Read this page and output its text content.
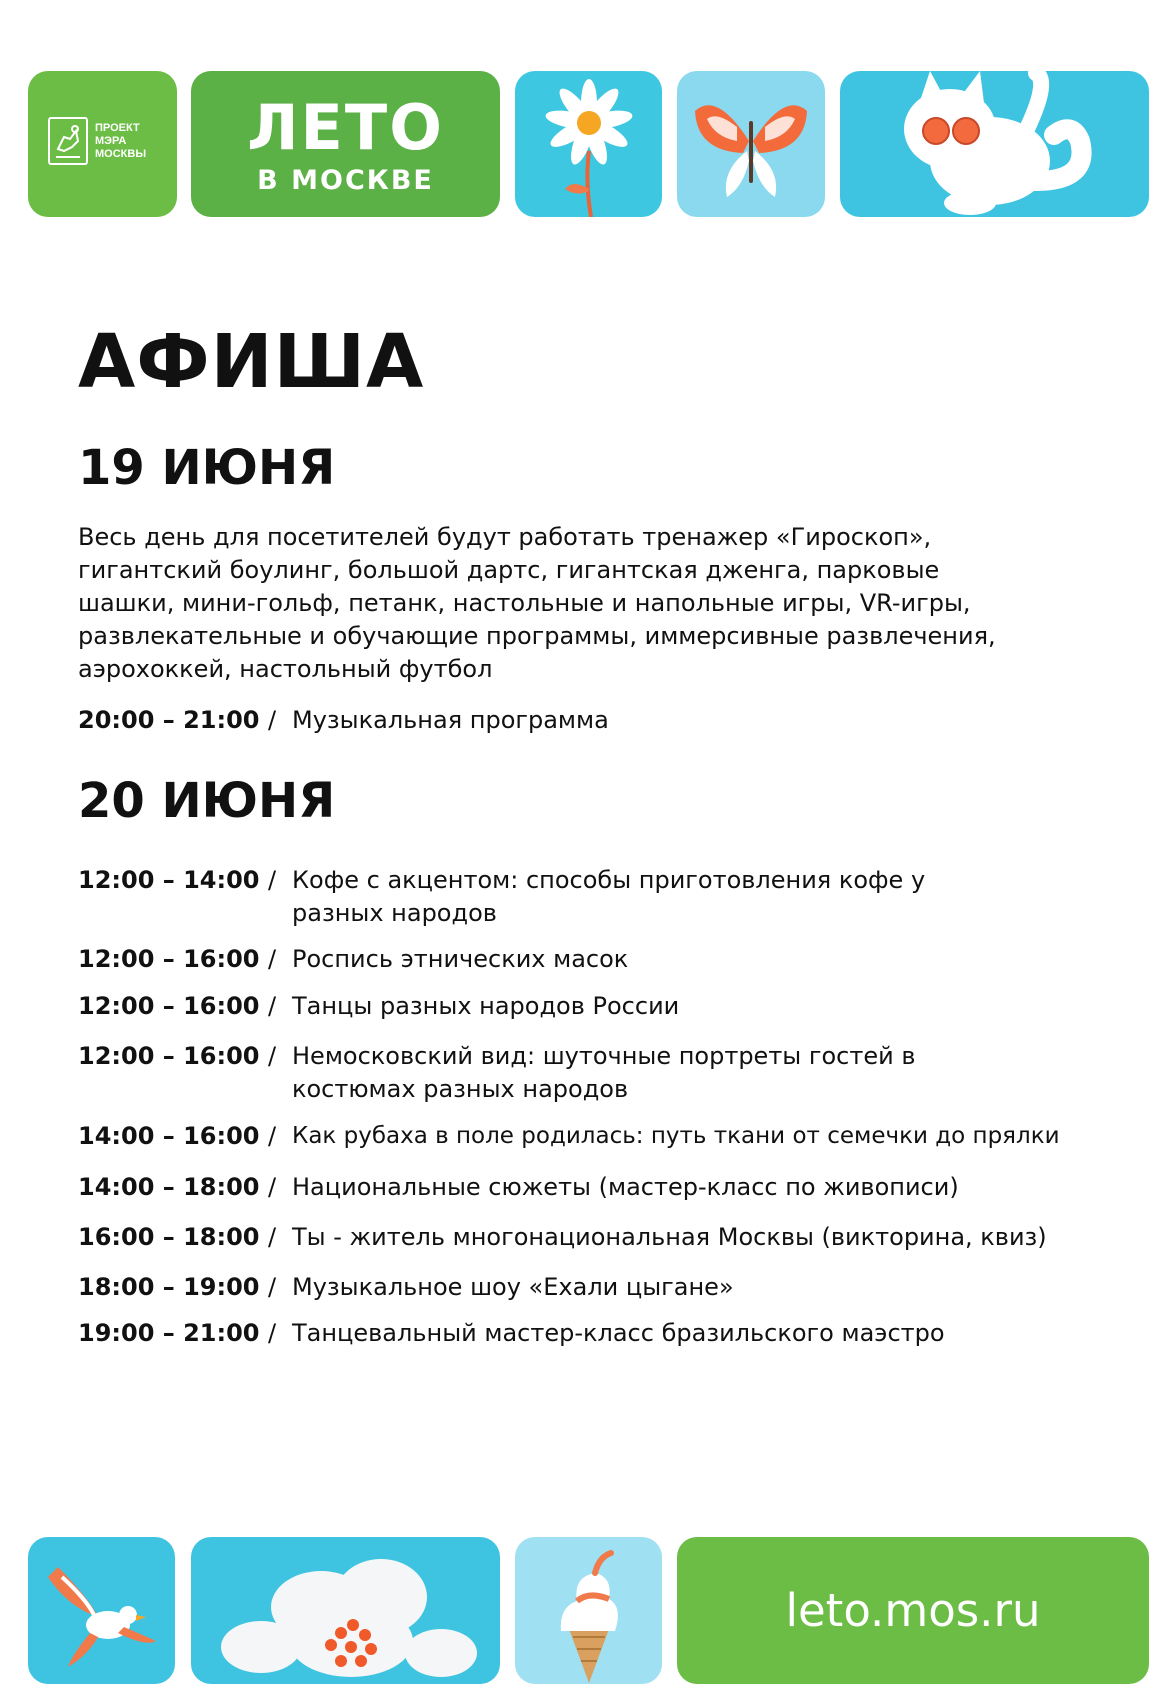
ПРОЕКТ
МЭРА
МОСКВЫ	ЛЕТО
В МОСКВЕ
АФИША
19 ИЮНЯ

Весь день для посетителей будут работать тренажер «Гироскоп», гигантский боулинг, большой дартс, гигантская дженга, парковые шашки, мини-гольф, петанк, настольные и напольные игры, VR-игры, развлекательные и обучающие программы, иммерсивные развлечения, аэрохоккей, настольный футбол

20:00 – 21:00 / Музыкальная программа
20 ИЮНЯ
12:00 – 14:00 / Кофе с акцентом: способы приготовления кофе у разных народов
12:00 – 16:00 / Роспись этнических масок
12:00 – 16:00 / Танцы разных народов России
12:00 – 16:00 / Немосковский вид: шуточные портреты гостей в костюмах разных народов
14:00 – 16:00 / Как рубаха в поле родилась: путь ткани от семечки до прялки
14:00 – 18:00 / Национальные сюжеты (мастер-класс по живописи)
16:00 – 18:00 / Ты - житель многонациональная Москвы (викторина, квиз)
18:00 – 19:00 / Музыкальное шоу «Ехали цыгане»
19:00 – 21:00 / Танцевальный мастер-класс бразильского маэстро
leto.mos.ru
